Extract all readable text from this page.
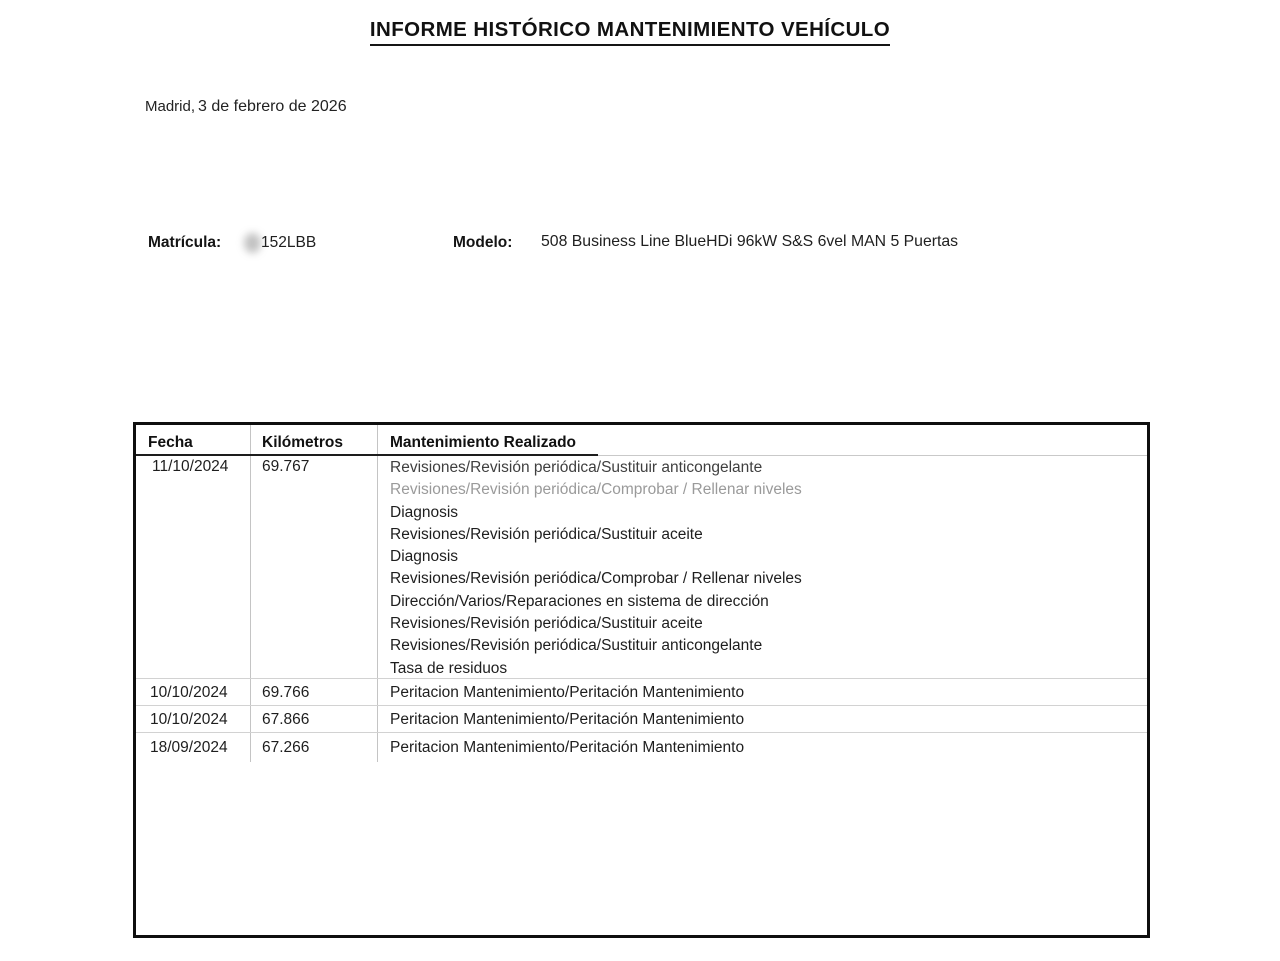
INFORME HISTÓRICO MANTENIMIENTO VEHÍCULO
Madrid, 3 de febrero de 2026
Matrícula:	152LBB	Modelo: 508 Business Line BlueHDi 96kW S&S 6vel MAN 5 Puertas
Fecha	Kilómetros	Mantenimiento Realizado
11/10/2024 69.767	Revisiones/Revisión periódica/Sustituir anticongelante
Revisiones/Revisión periódica/Comprobar / Rellenar niveles
Diagnosis
Revisiones/Revisión periódica/Sustituir aceite
Diagnosis
Revisiones/Revisión periódica/Comprobar / Rellenar niveles
Dirección/Varios/Reparaciones en sistema de dirección
Revisiones/Revisión periódica/Sustituir aceite
Revisiones/Revisión periódica/Sustituir anticongelante
Tasa de residuos
10/10/2024 69.766	Peritacion Mantenimiento/Peritación Mantenimiento
10/10/2024 67.866	Peritacion Mantenimiento/Peritación Mantenimiento
18/09/2024 67.266	Peritacion Mantenimiento/Peritación Mantenimiento
